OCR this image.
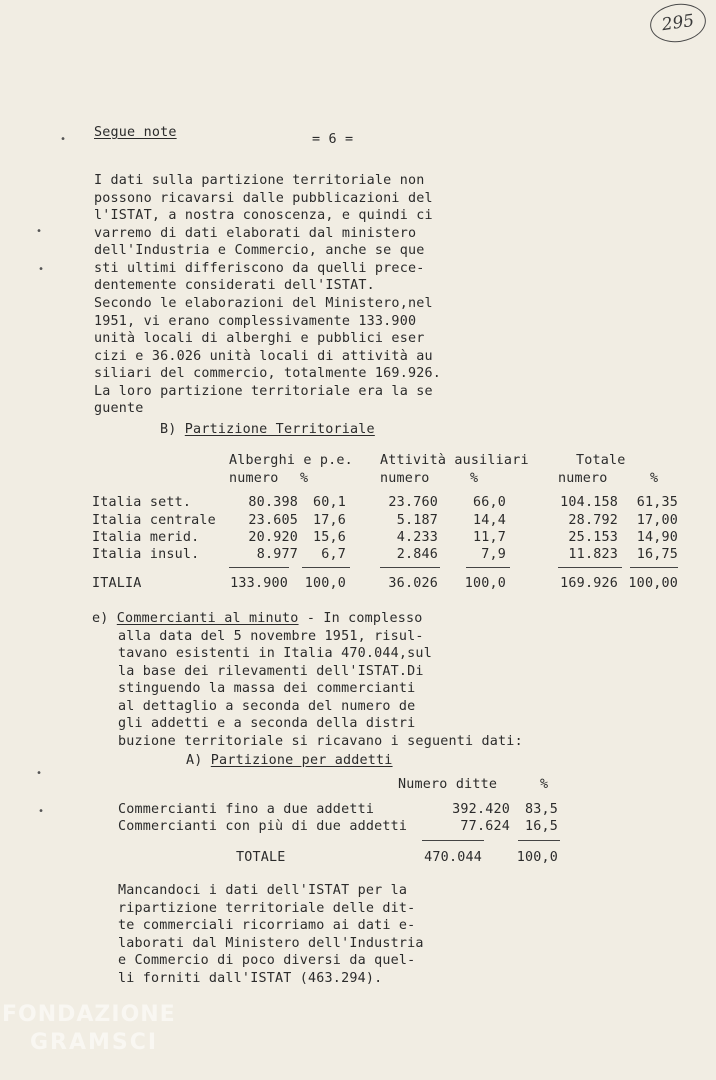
295
•
•
•
•
•
Segue note	= 6 =
I dati sulla partizione territoriale non
possono ricavarsi dalle pubblicazioni del
l'ISTAT, a nostra conoscenza, e quindi ci
varremo di dati elaborati dal ministero
dell'Industria e Commercio, anche se que
sti ultimi differiscono da quelli prece-
dentemente considerati dell'ISTAT.
Secondo le elaborazioni del Ministero,nel
1951, vi erano complessivamente 133.900
unità locali di alberghi e pubblici eser
cizi e 36.026 unità locali di attività au
siliari del commercio, totalmente 169.926.
La loro partizione territoriale era la se
guente
B) Partizione Territoriale
Alberghi e p.e. Attività ausiliari	Totale
numero %	numero	%	numero	%
Italia sett.	80.398 60,1	23.760	66,0	104.158 61,35
Italia centrale 23.605 17,6	5.187	14,4	28.792 17,00
Italia merid.	20.920 15,6	4.233	11,7	25.153 14,90
Italia insul.	8.977 6,7	2.846	7,9	11.823 16,75
ITALIA	133.900 100,0	36.026 100,0	169.926 100,00
e) Commercianti al minuto - In complesso
alla data del 5 novembre 1951, risul-
tavano esistenti in Italia 470.044,sul
la base dei rilevamenti dell'ISTAT.Di
stinguendo la massa dei commercianti
al dettaglio a seconda del numero de
gli addetti e a seconda della distri
buzione territoriale si ricavano i seguenti dati:
A) Partizione per addetti
Numero ditte	%
Commercianti fino a due addetti	392.420 83,5
Commercianti con più di due addetti	77.624 16,5
TOTALE	470.044	100,0
Mancandoci i dati dell'ISTAT per la
ripartizione territoriale delle dit-
te commerciali ricorriamo ai dati e-
laborati dal Ministero dell'Industria
e Commercio di poco diversi da quel-
li forniti dall'ISTAT (463.294).
FONDAZIONE
GRAMSCI
